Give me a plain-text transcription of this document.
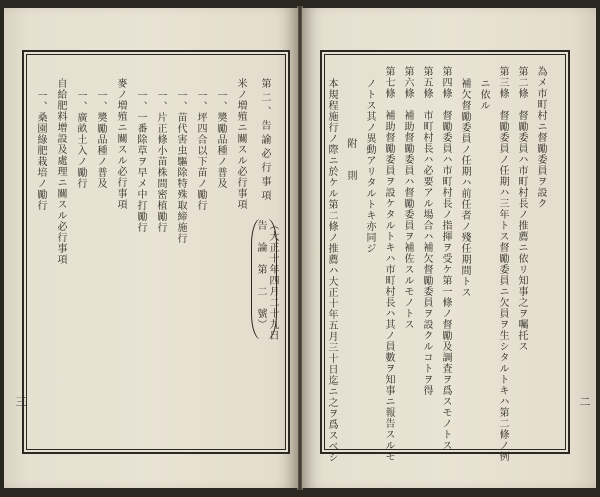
為メ市町村ニ督勵委員ヲ設ク
第二條　督勵委員ハ市町村長ノ推薦ニ依リ知事之ヲ囑托ス
第三條　督勵委員ノ任期ハ三年トス督勵委員ニ欠員ヲ生シタルトキハ第二條ノ例
ニ依ル
補欠督勵委員ノ任期ハ前任者ノ殘任期間トス
第四條　督勵委員ハ市町村長ノ指揮ヲ受ケ第一條ノ督勵及調査ヲ爲スモノトス
第五條　市町村長ハ必要アル場合ハ補欠督勵委員ヲ設クルコトヲ得
第六條　補助督勵委員ハ督勵委員ヲ補佐スルモノトス
第七條　補助督勵委員ヲ設ケタルトキハ市町村長ハ其ノ員數ヲ知事ニ報告スルモ
ノトス其ノ異動アリタルトキ亦同ジ
附　則
本規程施行ノ際ニ於ケル第二條ノ推薦ハ大正十年五月三十日迄ニ之ヲ爲スベシ	二
第二、告諭必行事項
（大正十年四月二十九日
告　論　第　二　號）
米ノ増殖ニ關スル必行事項
一、奬勵品種ノ普及
一、坪四合以下苗ノ勵行
一、苗代害虫驅除特殊取締施行
一、片正條小苗株間密植勵行
一、一番除草ヲ早メ中打勵行
麥ノ増殖ニ關スル必行事項
一、奬勵品種ノ普及
一、廣畝土入ノ勵行
自給肥料增設及處理ニ關スル必行事項
一、桑園綠肥栽培ノ勵行
三
